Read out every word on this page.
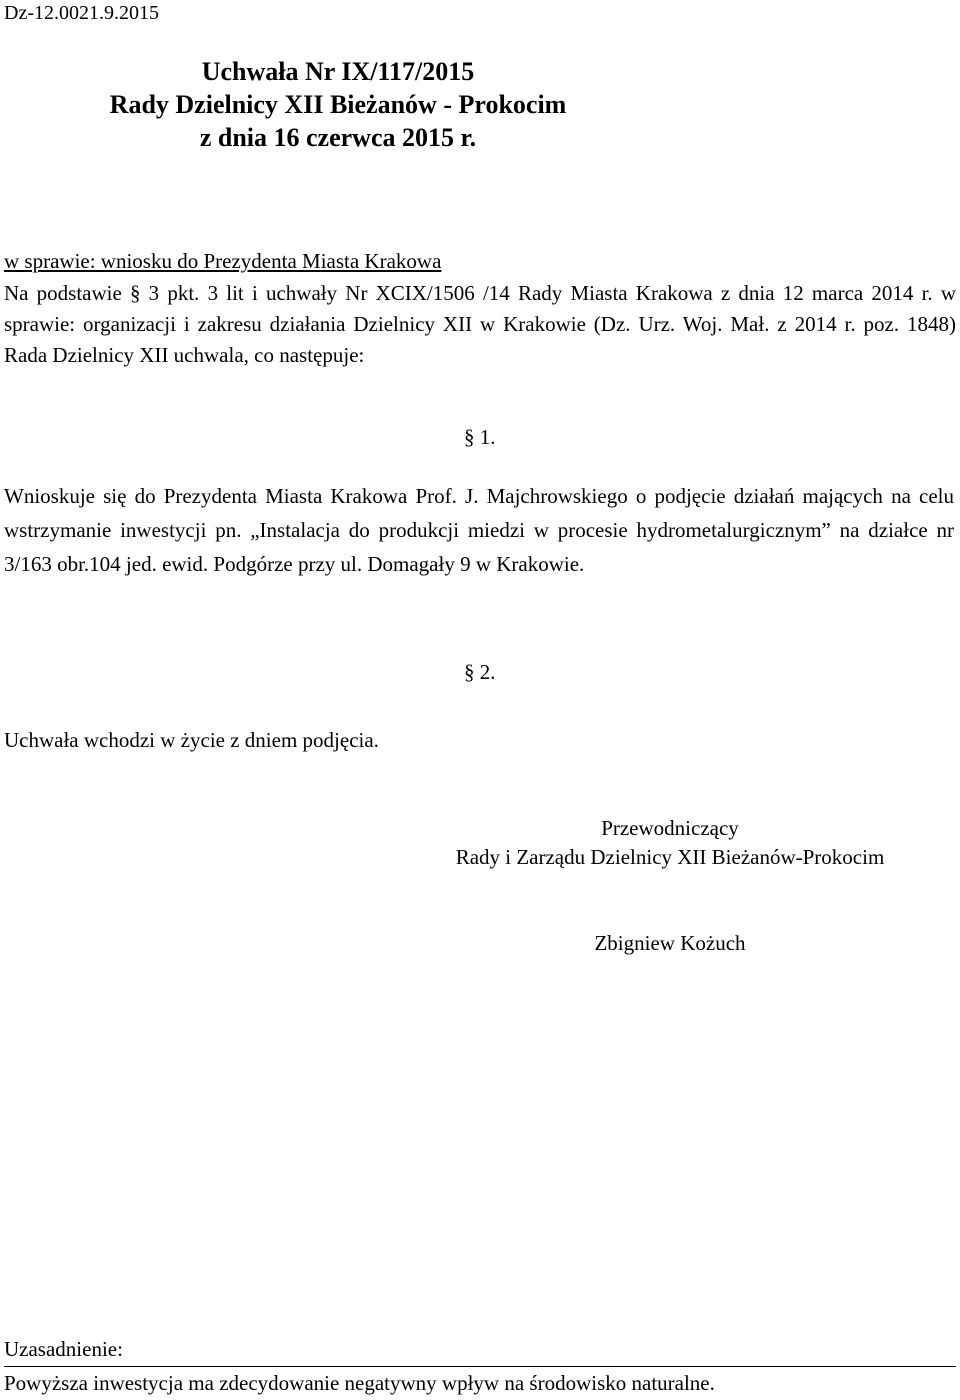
Dz-12.0021.9.2015
Uchwała Nr IX/117/2015
Rady Dzielnicy XII Bieżanów - Prokocim
z dnia 16 czerwca 2015 r.
w sprawie: wniosku do Prezydenta Miasta Krakowa
Na podstawie § 3 pkt. 3 lit i uchwały Nr XCIX/1506 /14 Rady Miasta Krakowa z dnia 12 marca 2014 r. w sprawie: organizacji i zakresu działania Dzielnicy XII w Krakowie (Dz. Urz. Woj. Mał. z 2014 r. poz. 1848) Rada Dzielnicy XII uchwala, co następuje:
§ 1.
Wnioskuje się do Prezydenta Miasta Krakowa Prof. J. Majchrowskiego o podjęcie działań mających na celu wstrzymanie inwestycji pn. „Instalacja do produkcji miedzi w procesie hydrometalurgicznym” na działce nr 3/163 obr.104 jed. ewid. Podgórze przy ul. Domagały 9 w Krakowie.
§ 2.
Uchwała wchodzi w życie z dniem podjęcia.
Przewodniczący
Rady i Zarządu Dzielnicy XII Bieżanów-Prokocim
Zbigniew Kożuch
Uzasadnienie:
Powyższa inwestycja ma zdecydowanie negatywny wpływ na środowisko naturalne.
